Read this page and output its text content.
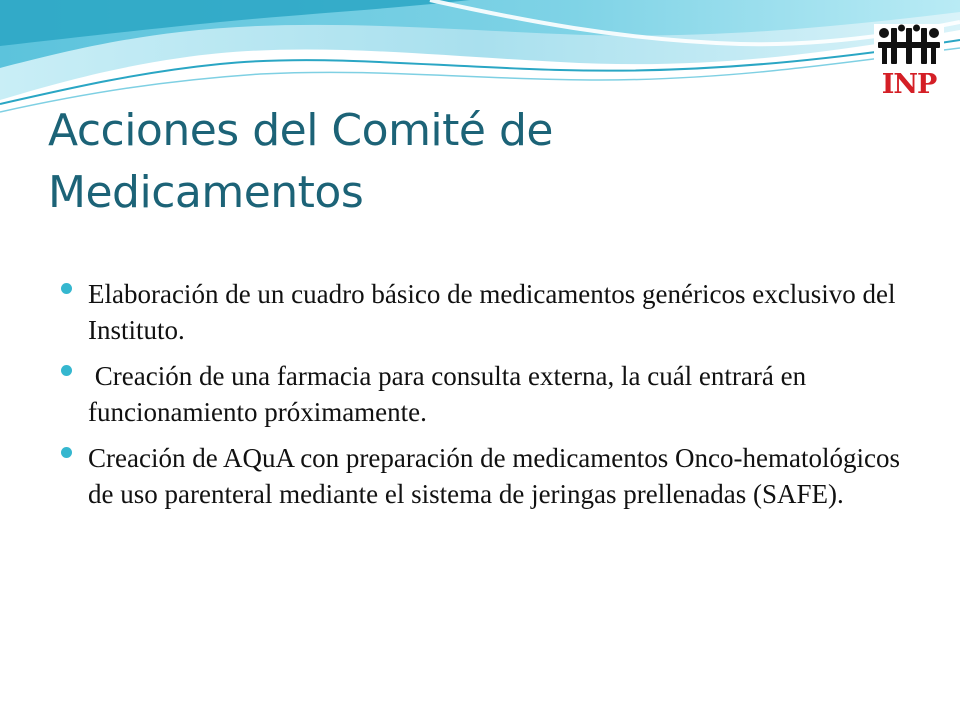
INP
Acciones del Comité de Medicamentos
Elaboración de un cuadro básico de medicamentos genéricos exclusivo del Instituto.
Creación de una farmacia para consulta externa, la cuál entrará en funcionamiento próximamente.
Creación de AQuA con preparación de medicamentos Onco-hematológicos de uso parenteral mediante el sistema de jeringas prellenadas (SAFE).
